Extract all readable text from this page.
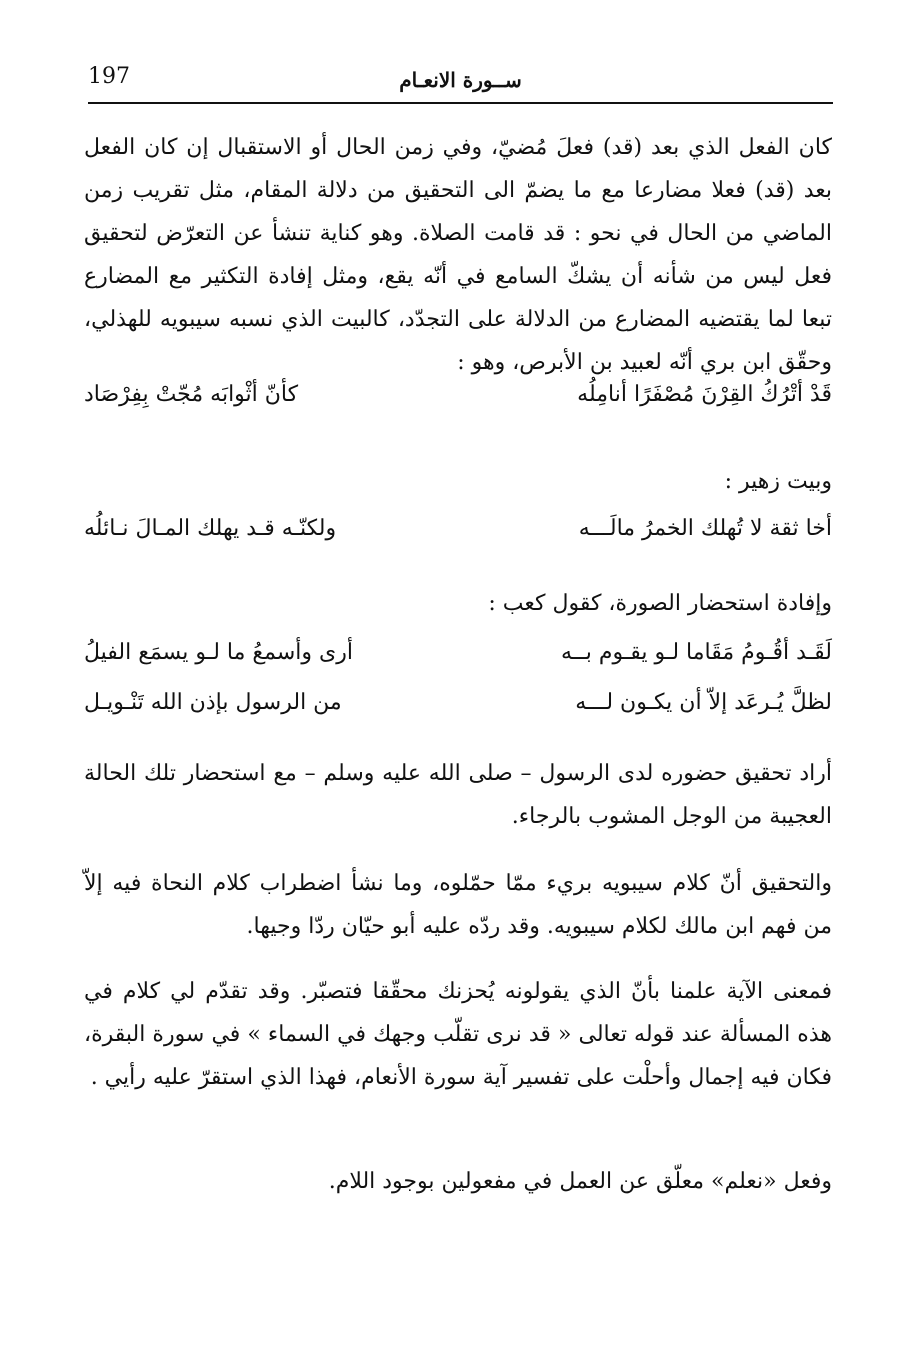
197	ســورة الانعـام
كان الفعل الذي بعد (قد) فعلَ مُضيّ، وفي زمن الحال أو الاستقبال إن كان الفعل بعد (قد) فعلا مضارعا مع ما يضمّ الى التحقيق من دلالة المقام، مثل تقريب زمن الماضي من الحال في نحو : قد قامت الصلاة. وهو كناية تنشأ عن التعرّض لتحقيق فعل ليس من شأنه أن يشكّ السامع في أنّه يقع، ومثل إفادة التكثير مع المضارع تبعا لما يقتضيه المضارع من الدلالة على التجدّد، كالبيت الذي نسبه سيبويه للهذلي، وحقّق ابن بري أنّه لعبيد بن الأبرص، وهو :
قَدْ أتْرُكُ القِرْنَ مُصْفَرًا أنامِلُه
كأنّ أثْوابَه مُجّتْ بِفِرْصَاد
وبيت زهير :
أخا ثقة لا تُهلك الخمرُ مالَـــه
ولكنّـه قـد يهلك المـالَ نـائلُه
وإفادة استحضار الصورة، كقول كعب :
لَقَـد أقُـومُ مَقَاما لـو يقـوم بــه
أرى وأسمعُ ما لـو يسمَع الفيلُ
لظلَّ يُـرعَد إلاّ أن يكـون لـــه
من الرسول بإذن الله تَنْـويـل
أراد تحقيق حضوره لدى الرسول – صلى الله عليه وسلم – مع استحضار تلك الحالة العجيبة من الوجل المشوب بالرجاء.
والتحقيق أنّ كلام سيبويه بريء ممّا حمّلوه، وما نشأ اضطراب كلام النحاة فيه إلاّ من فهم ابن مالك لكلام سيبويه. وقد ردّه عليه أبو حيّان ردّا وجيها.
فمعنى الآية علمنا بأنّ الذي يقولونه يُحزنك محقّقا فتصبّر. وقد تقدّم لي كلام في هذه المسألة عند قوله تعالى « قد نرى تقلّب وجهك في السماء » في سورة البقرة، فكان فيه إجمال وأحلْت على تفسير آية سورة الأنعام، فهذا الذي استقرّ عليه رأيي .
وفعل «نعلم» معلّق عن العمل في مفعولين بوجود اللام.
